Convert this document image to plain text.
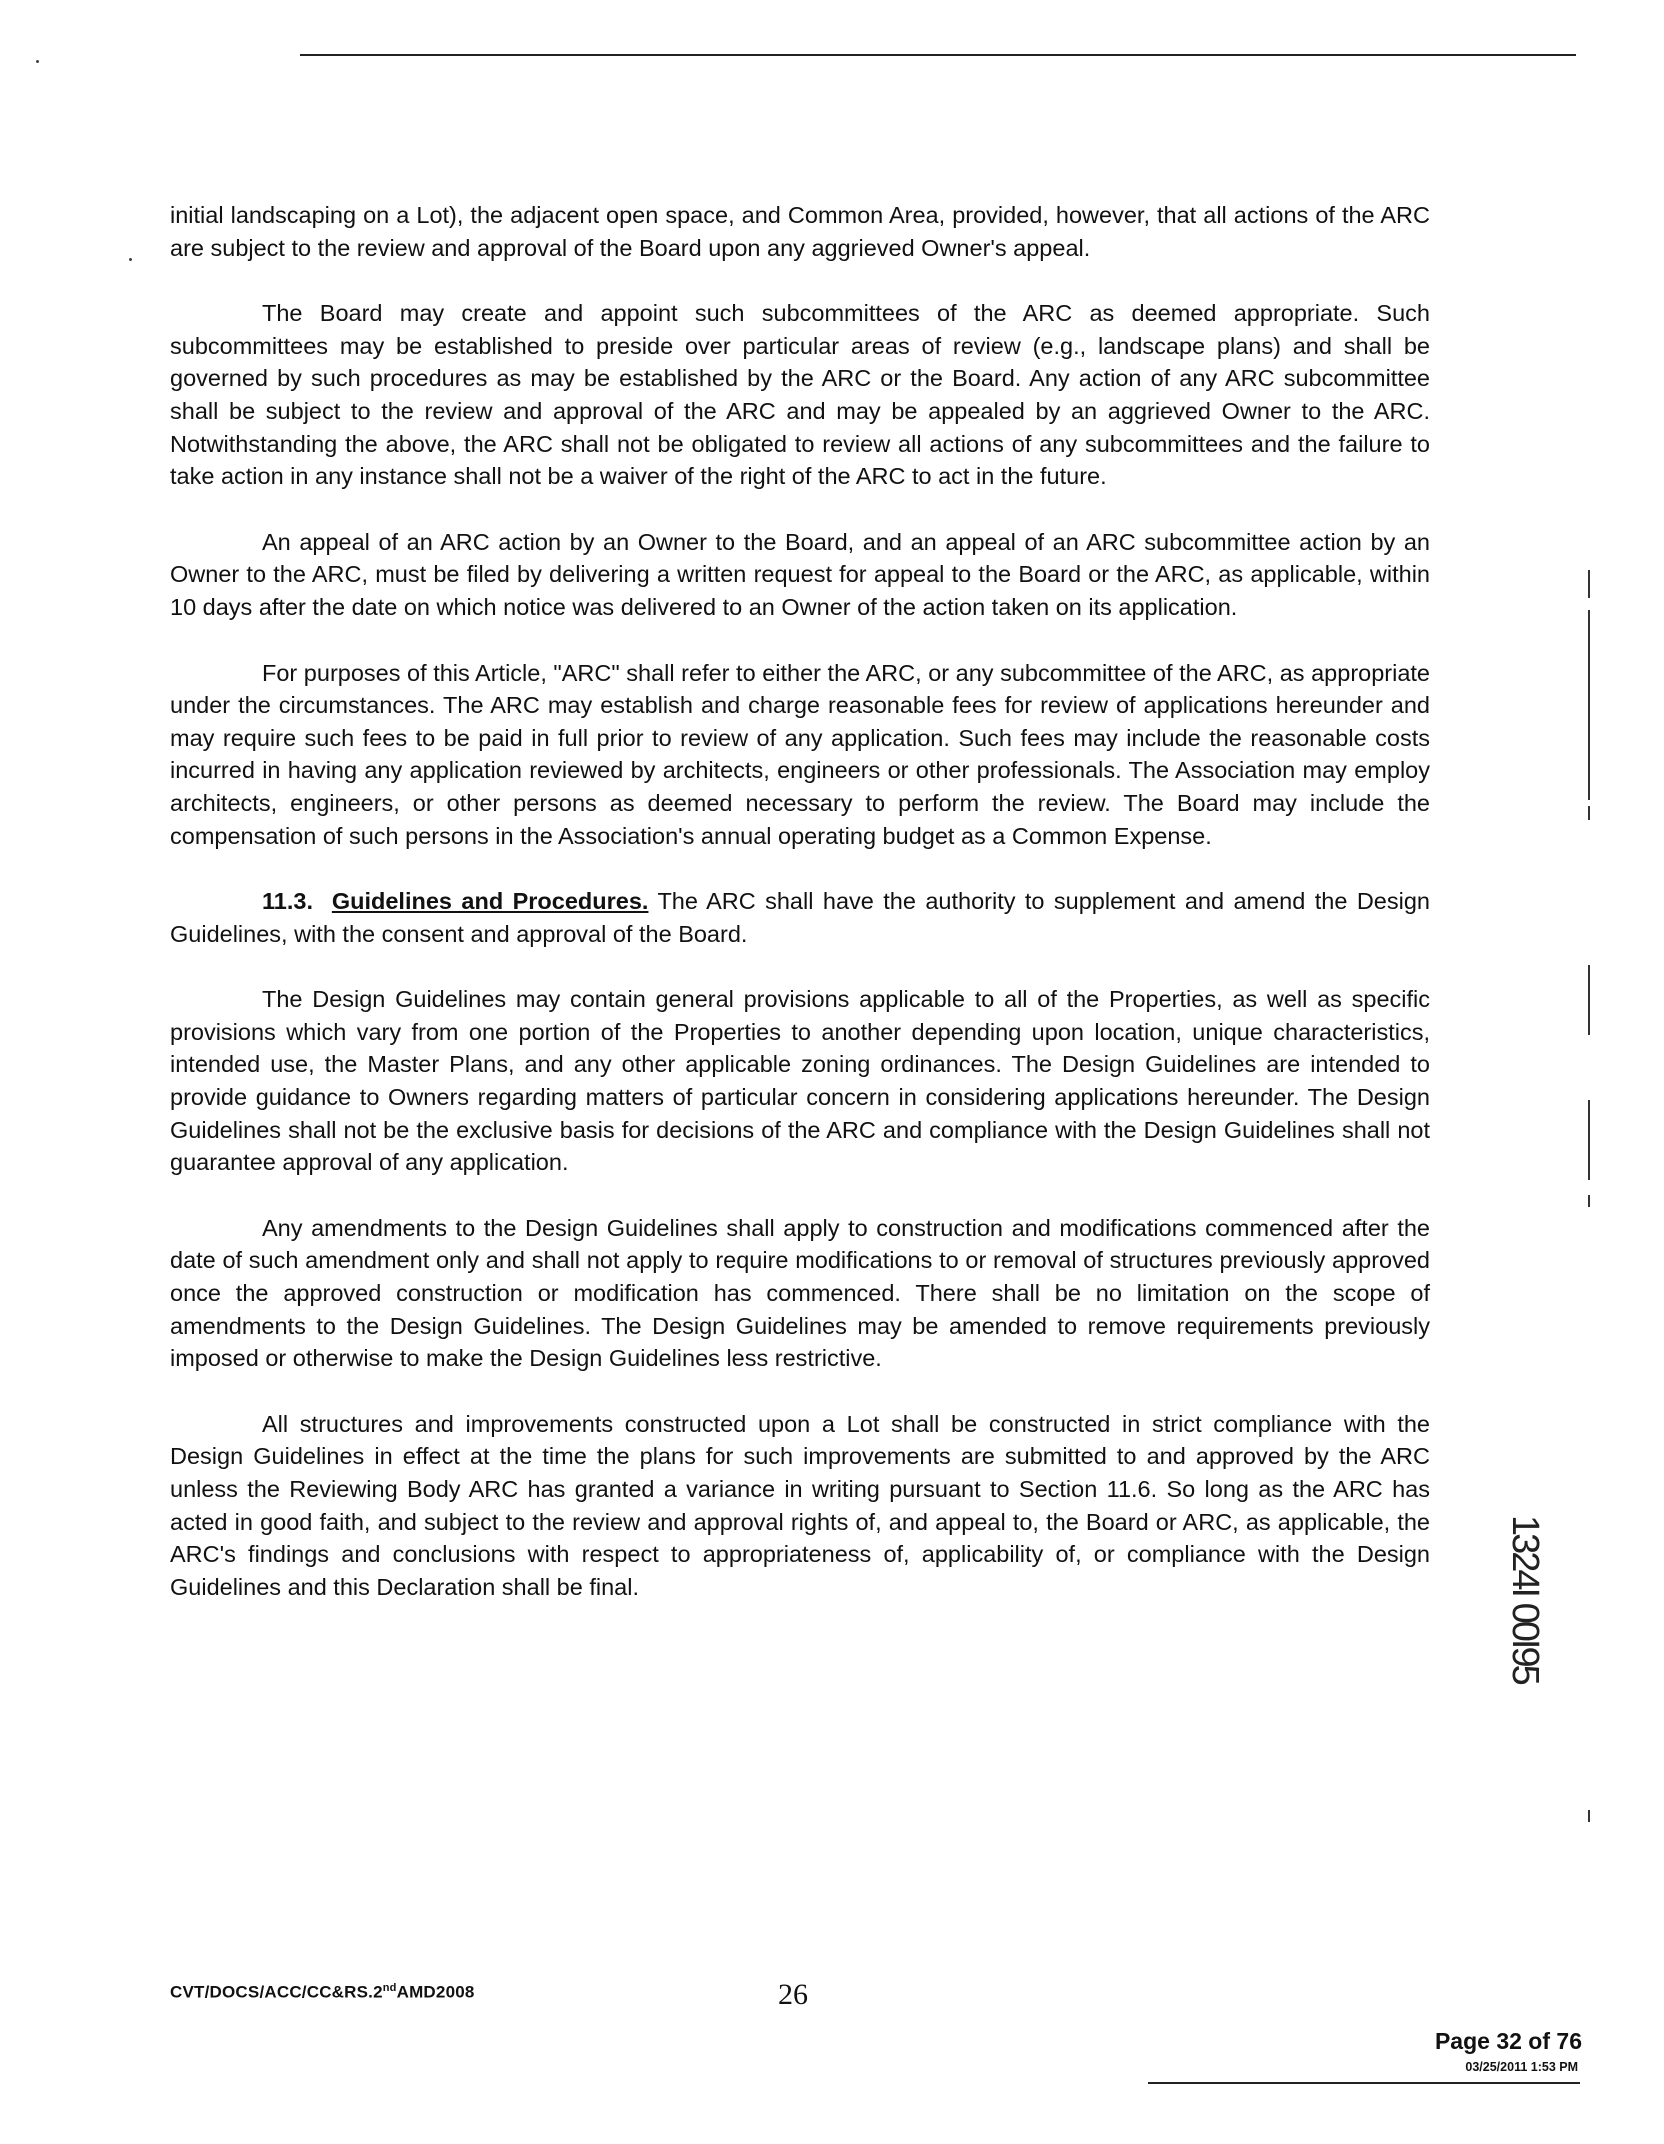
initial landscaping on a Lot), the adjacent open space, and Common Area, provided, however, that all actions of the ARC are subject to the review and approval of the Board upon any aggrieved Owner's appeal.

The Board may create and appoint such subcommittees of the ARC as deemed appropriate. Such subcommittees may be established to preside over particular areas of review (e.g., landscape plans) and shall be governed by such procedures as may be established by the ARC or the Board. Any action of any ARC subcommittee shall be subject to the review and approval of the ARC and may be appealed by an aggrieved Owner to the ARC. Notwithstanding the above, the ARC shall not be obligated to review all actions of any subcommittees and the failure to take action in any instance shall not be a waiver of the right of the ARC to act in the future.

An appeal of an ARC action by an Owner to the Board, and an appeal of an ARC subcommittee action by an Owner to the ARC, must be filed by delivering a written request for appeal to the Board or the ARC, as applicable, within 10 days after the date on which notice was delivered to an Owner of the action taken on its application.

For purposes of this Article, "ARC" shall refer to either the ARC, or any subcommittee of the ARC, as appropriate under the circumstances. The ARC may establish and charge reasonable fees for review of applications hereunder and may require such fees to be paid in full prior to review of any application. Such fees may include the reasonable costs incurred in having any application reviewed by architects, engineers or other professionals. The Association may employ architects, engineers, or other persons as deemed necessary to perform the review. The Board may include the compensation of such persons in the Association's annual operating budget as a Common Expense.

11.3. Guidelines and Procedures. The ARC shall have the authority to supplement and amend the Design Guidelines, with the consent and approval of the Board.

The Design Guidelines may contain general provisions applicable to all of the Properties, as well as specific provisions which vary from one portion of the Properties to another depending upon location, unique characteristics, intended use, the Master Plans, and any other applicable zoning ordinances. The Design Guidelines are intended to provide guidance to Owners regarding matters of particular concern in considering applications hereunder. The Design Guidelines shall not be the exclusive basis for decisions of the ARC and compliance with the Design Guidelines shall not guarantee approval of any application.

Any amendments to the Design Guidelines shall apply to construction and modifications commenced after the date of such amendment only and shall not apply to require modifications to or removal of structures previously approved once the approved construction or modification has commenced. There shall be no limitation on the scope of amendments to the Design Guidelines. The Design Guidelines may be amended to remove requirements previously imposed or otherwise to make the Design Guidelines less restrictive.

All structures and improvements constructed upon a Lot shall be constructed in strict compliance with the Design Guidelines in effect at the time the plans for such improvements are submitted to and approved by the ARC unless the Reviewing Body ARC has granted a variance in writing pursuant to Section 11.6. So long as the ARC has acted in good faith, and subject to the review and approval rights of, and appeal to, the Board or ARC, as applicable, the ARC's findings and conclusions with respect to appropriateness of, applicability of, or compliance with the Design Guidelines and this Declaration shall be final.	1324I 00I95
CVT/DOCS/ACC/CC&RS.2ndAMD2008	26
Page 32 of 76
03/25/2011 1:53 PM
